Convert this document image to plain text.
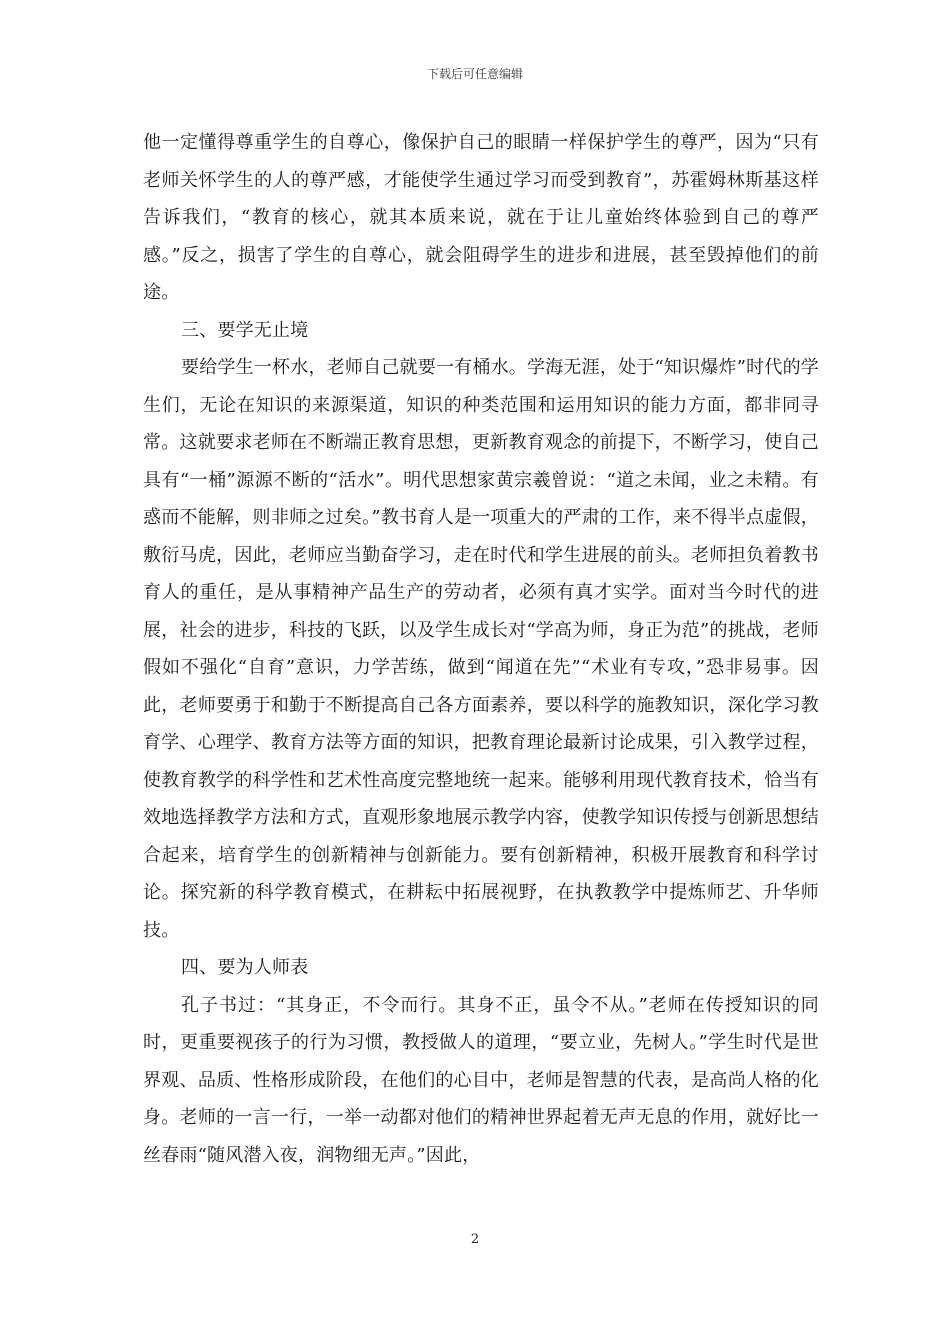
下载后可任意编辑

他一定懂得尊重学生的自尊心，像保护自己的眼睛一样保护学生的尊严，因为“只有老师关怀学生的人的尊严感，才能使学生通过学习而受到教育”，苏霍姆林斯基这样告诉我们，“教育的核心，就其本质来说，就在于让儿童始终体验到自己的尊严感。”反之，损害了学生的自尊心，就会阻碍学生的进步和进展，甚至毁掉他们的前途。

三、要学无止境

要给学生一杯水，老师自己就要一有桶水。学海无涯，处于“知识爆炸”时代的学生们，无论在知识的来源渠道，知识的种类范围和运用知识的能力方面，都非同寻常。这就要求老师在不断端正教育思想，更新教育观念的前提下，不断学习，使自己具有“一桶”源源不断的“活水”。明代思想家黄宗羲曾说：“道之未闻，业之未精。有惑而不能解，则非师之过矣。”教书育人是一项重大的严肃的工作，来不得半点虚假，敷衍马虎，因此，老师应当勤奋学习，走在时代和学生进展的前头。老师担负着教书育人的重任，是从事精神产品生产的劳动者，必须有真才实学。面对当今时代的进展，社会的进步，科技的飞跃，以及学生成长对“学高为师，身正为范”的挑战，老师假如不强化“自育”意识，力学苦练，做到“闻道在先”“术业有专攻，”恐非易事。因此，老师要勇于和勤于不断提高自己各方面素养，要以科学的施教知识，深化学习教育学、心理学、教育方法等方面的知识，把教育理论最新讨论成果，引入教学过程，使教育教学的科学性和艺术性高度完整地统一起来。能够利用现代教育技术，恰当有效地选择教学方法和方式，直观形象地展示教学内容，使教学知识传授与创新思想结合起来，培育学生的创新精神与创新能力。要有创新精神，积极开展教育和科学讨论。探究新的科学教育模式，在耕耘中拓展视野，在执教教学中提炼师艺、升华师技。

四、要为人师表

孔子书过：“其身正，不令而行。其身不正，虽令不从。”老师在传授知识的同时，更重要视孩子的行为习惯，教授做人的道理，“要立业，先树人。”学生时代是世界观、品质、性格形成阶段，在他们的心目中，老师是智慧的代表，是高尚人格的化身。老师的一言一行，一举一动都对他们的精神世界起着无声无息的作用，就好比一丝春雨“随风潜入夜，润物细无声。”因此，

2
